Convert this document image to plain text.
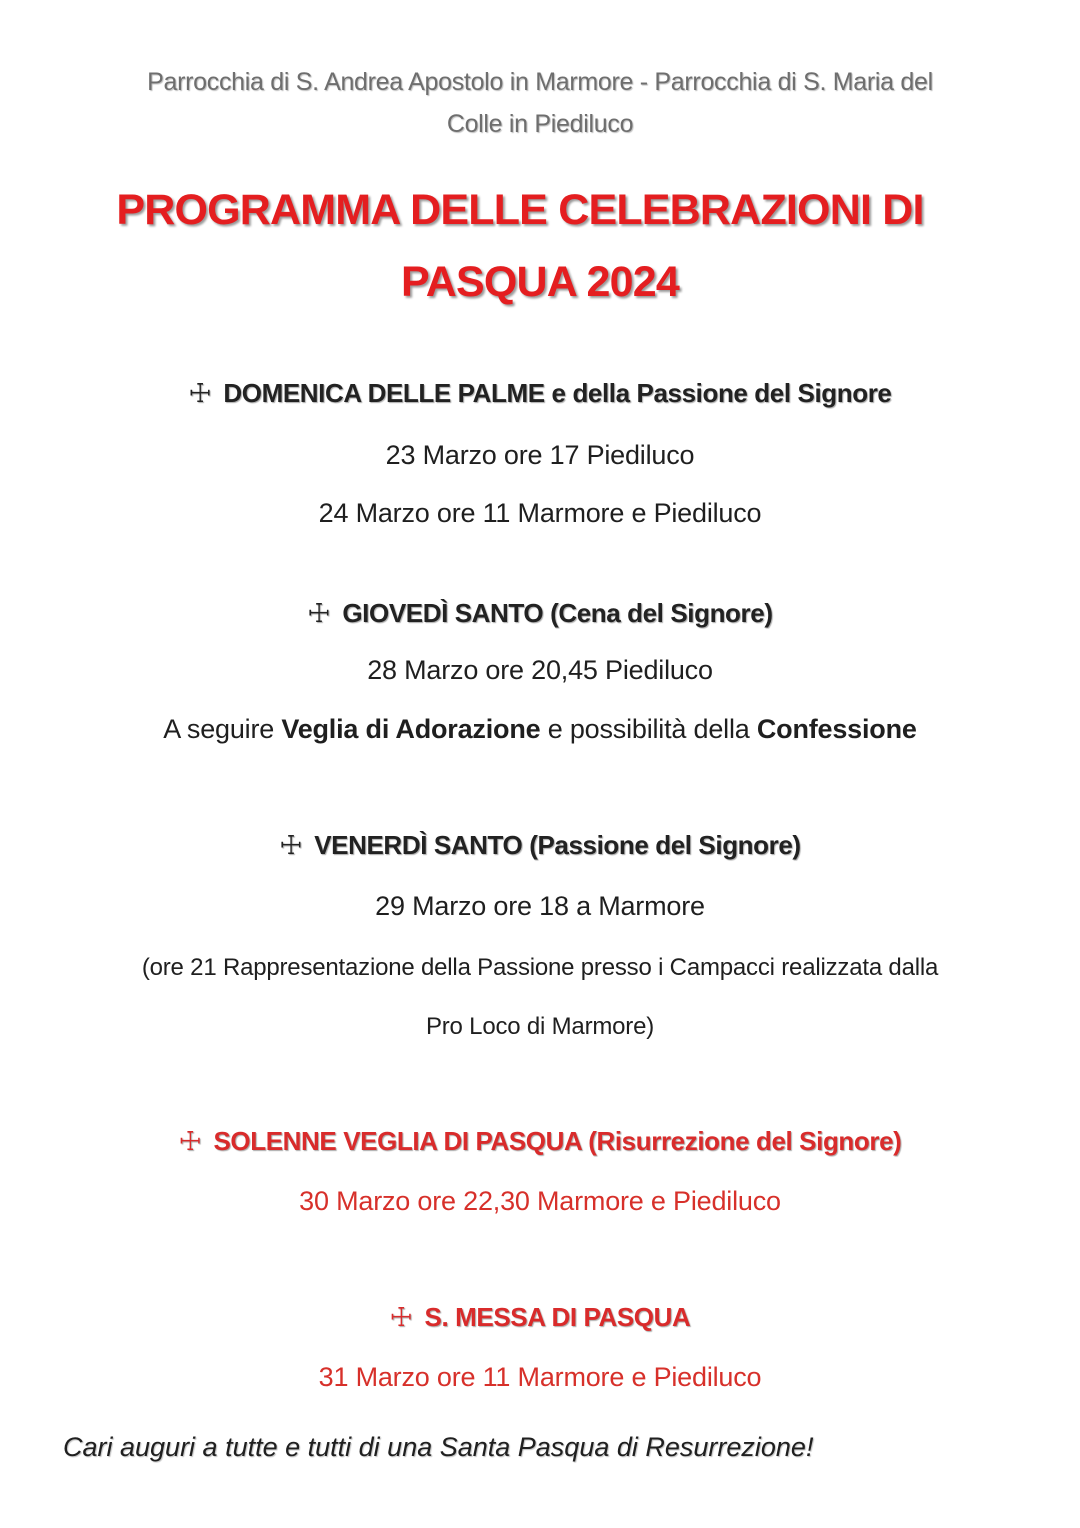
Parrocchia di S. Andrea Apostolo in Marmore - Parrocchia di S. Maria del
Colle in Piediluco
PROGRAMMA DELLE CELEBRAZIONI DI
PASQUA 2024
☩ DOMENICA DELLE PALME e della Passione del Signore
23 Marzo ore 17 Piediluco
24 Marzo ore 11 Marmore e Piediluco
☩ GIOVEDÌ SANTO (Cena del Signore)
28 Marzo ore 20,45 Piediluco
A seguire Veglia di Adorazione e possibilità della Confessione
☩ VENERDÌ SANTO (Passione del Signore)
29 Marzo ore 18 a Marmore
(ore 21 Rappresentazione della Passione presso i Campacci realizzata dalla
Pro Loco di Marmore)
☩ SOLENNE VEGLIA DI PASQUA (Risurrezione del Signore)
30 Marzo ore 22,30 Marmore e Piediluco
☩ S. MESSA DI PASQUA
31 Marzo ore 11 Marmore e Piediluco
Cari auguri a tutte e tutti di una Santa Pasqua di Resurrezione!
